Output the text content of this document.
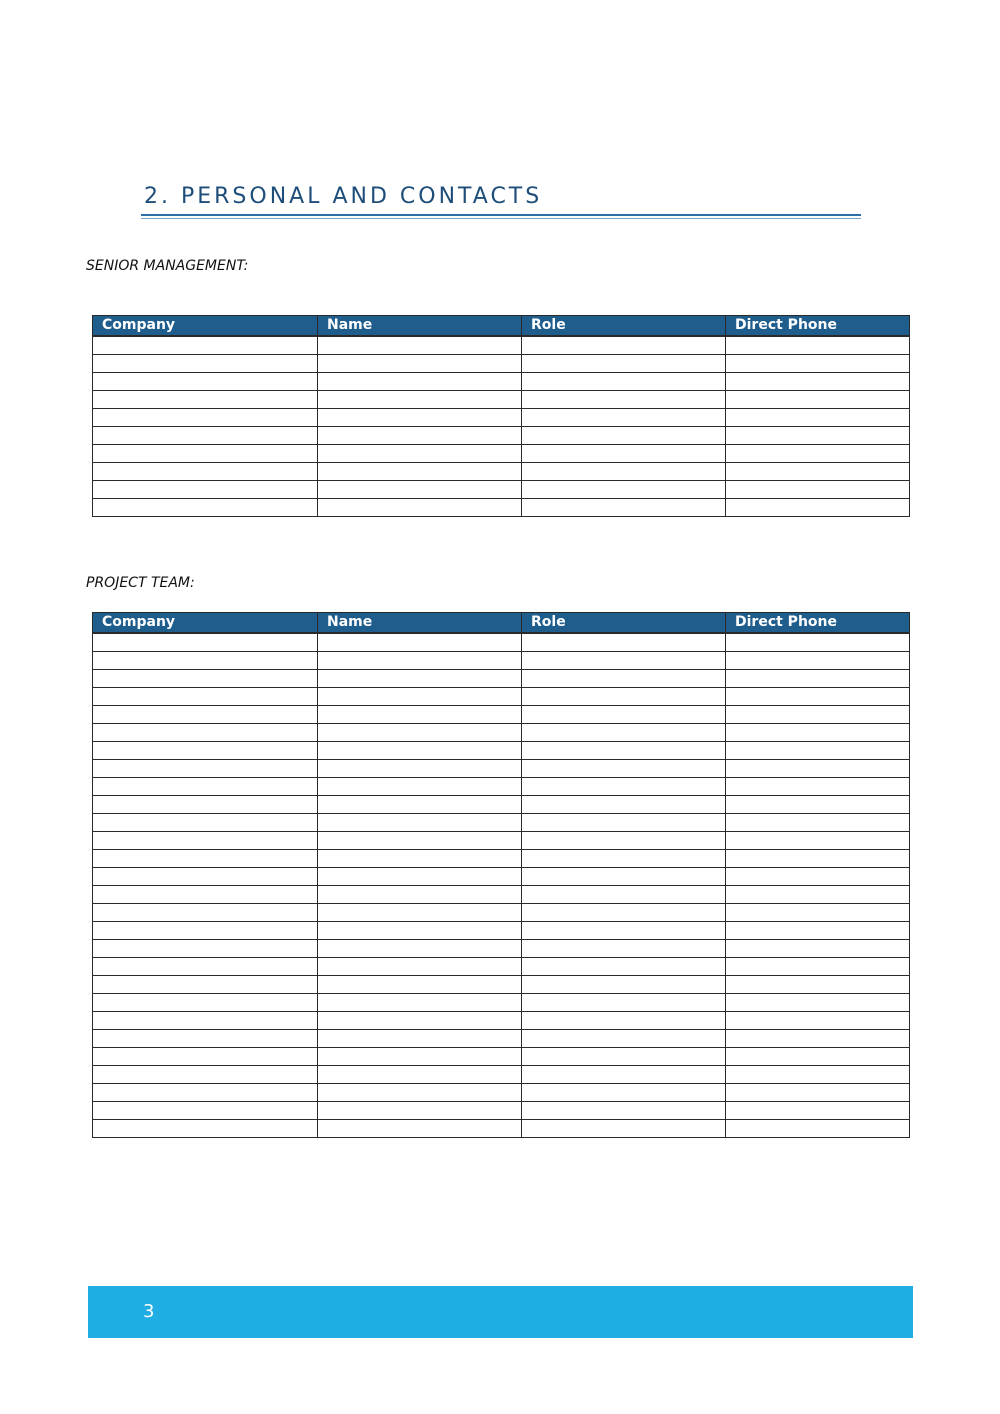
2. PERSONAL AND CONTACTS

SENIOR MANAGEMENT:

Company	Name	Role	Direct Phone

PROJECT TEAM:

Company	Name	Role	Direct Phone

3
